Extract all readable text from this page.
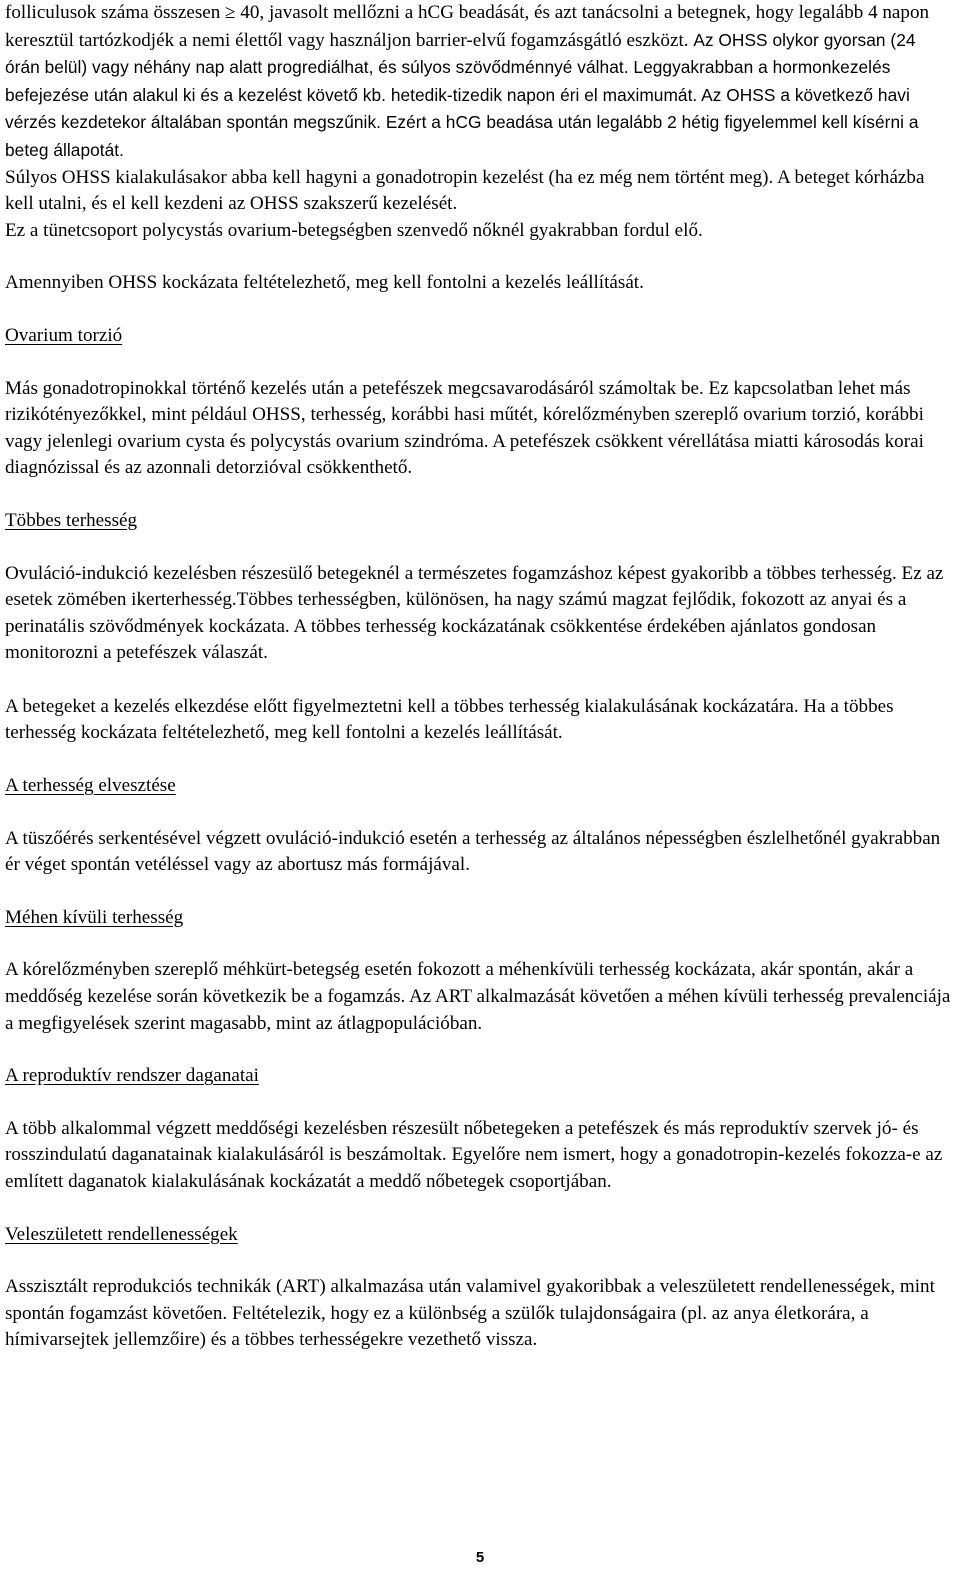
folliculusok száma összesen ≥ 40, javasolt mellőzni a hCG beadását, és azt tanácsolni a betegnek, hogy legalább 4 napon keresztül tartózkodjék a nemi élettől vagy használjon barrier-elvű fogamzásgátló eszközt. Az OHSS olykor gyorsan (24 órán belül) vagy néhány nap alatt progrediálhat, és súlyos szövődménnyé válhat. Leggyakrabban a hormonkezelés befejezése után alakul ki és a kezelést követő kb. hetedik-tizedik napon éri el maximumát. Az OHSS a következő havi vérzés kezdetekor általában spontán megszűnik. Ezért a hCG beadása után legalább 2 hétig figyelemmel kell kísérni a beteg állapotát.

Súlyos OHSS kialakulásakor abba kell hagyni a gonadotropin kezelést (ha ez még nem történt meg). A beteget kórházba kell utalni, és el kell kezdeni az OHSS szakszerű kezelését.

Ez a tünetcsoport polycystás ovarium-betegségben szenvedő nőknél gyakrabban fordul elő.

Amennyiben OHSS kockázata feltételezhető, meg kell fontolni a kezelés leállítását.

Ovarium torzió

Más gonadotropinokkal történő kezelés után a petefészek megcsavarodásáról számoltak be. Ez kapcsolatban lehet más rizikótényezőkkel, mint például OHSS, terhesség, korábbi hasi műtét, kórelőzményben szereplő ovarium torzió, korábbi vagy jelenlegi ovarium cysta és polycystás ovarium szindróma. A petefészek csökkent vérellátása miatti károsodás korai diagnózissal és az azonnali detorzióval csökkenthető.

Többes terhesség

Ovuláció-indukció kezelésben részesülő betegeknél a természetes fogamzáshoz képest gyakoribb a többes terhesség. Ez az esetek zömében ikerterhesség.Többes terhességben, különösen, ha nagy számú magzat fejlődik, fokozott az anyai és a perinatális szövődmények kockázata. A többes terhesség kockázatának csökkentése érdekében ajánlatos gondosan monitorozni a petefészek válaszát.

A betegeket a kezelés elkezdése előtt figyelmeztetni kell a többes terhesség kialakulásának kockázatára. Ha a többes terhesség kockázata feltételezhető, meg kell fontolni a kezelés leállítását.

A terhesség elvesztése

A tüszőérés serkentésével végzett ovuláció-indukció esetén a terhesség az általános népességben észlelhetőnél gyakrabban ér véget spontán vetéléssel vagy az abortusz más formájával.

Méhen kívüli terhesség

A kórelőzményben szereplő méhkürt-betegség esetén fokozott a méhenkívüli terhesség kockázata, akár spontán, akár a meddőség kezelése során következik be a fogamzás. Az ART alkalmazását követően a méhen kívüli terhesség prevalenciája a megfigyelések szerint magasabb, mint az átlagpopulációban.

A reproduktív rendszer daganatai

A több alkalommal végzett meddőségi kezelésben részesült nőbetegeken a petefészek és más reproduktív szervek jó- és rosszindulatú daganatainak kialakulásáról is beszámoltak. Egyelőre nem ismert, hogy a gonadotropin-kezelés fokozza-e az említett daganatok kialakulásának kockázatát a meddő nőbetegek csoportjában.

Veleszületett rendellenességek

Asszisztált reprodukciós technikák (ART) alkalmazása után valamivel gyakoribbak a veleszületett rendellenességek, mint spontán fogamzást követően. Feltételezik, hogy ez a különbség a szülők tulajdonságaira (pl. az anya életkorára, a hímivarsejtek jellemzőire) és a többes terhességekre vezethető vissza.

5
